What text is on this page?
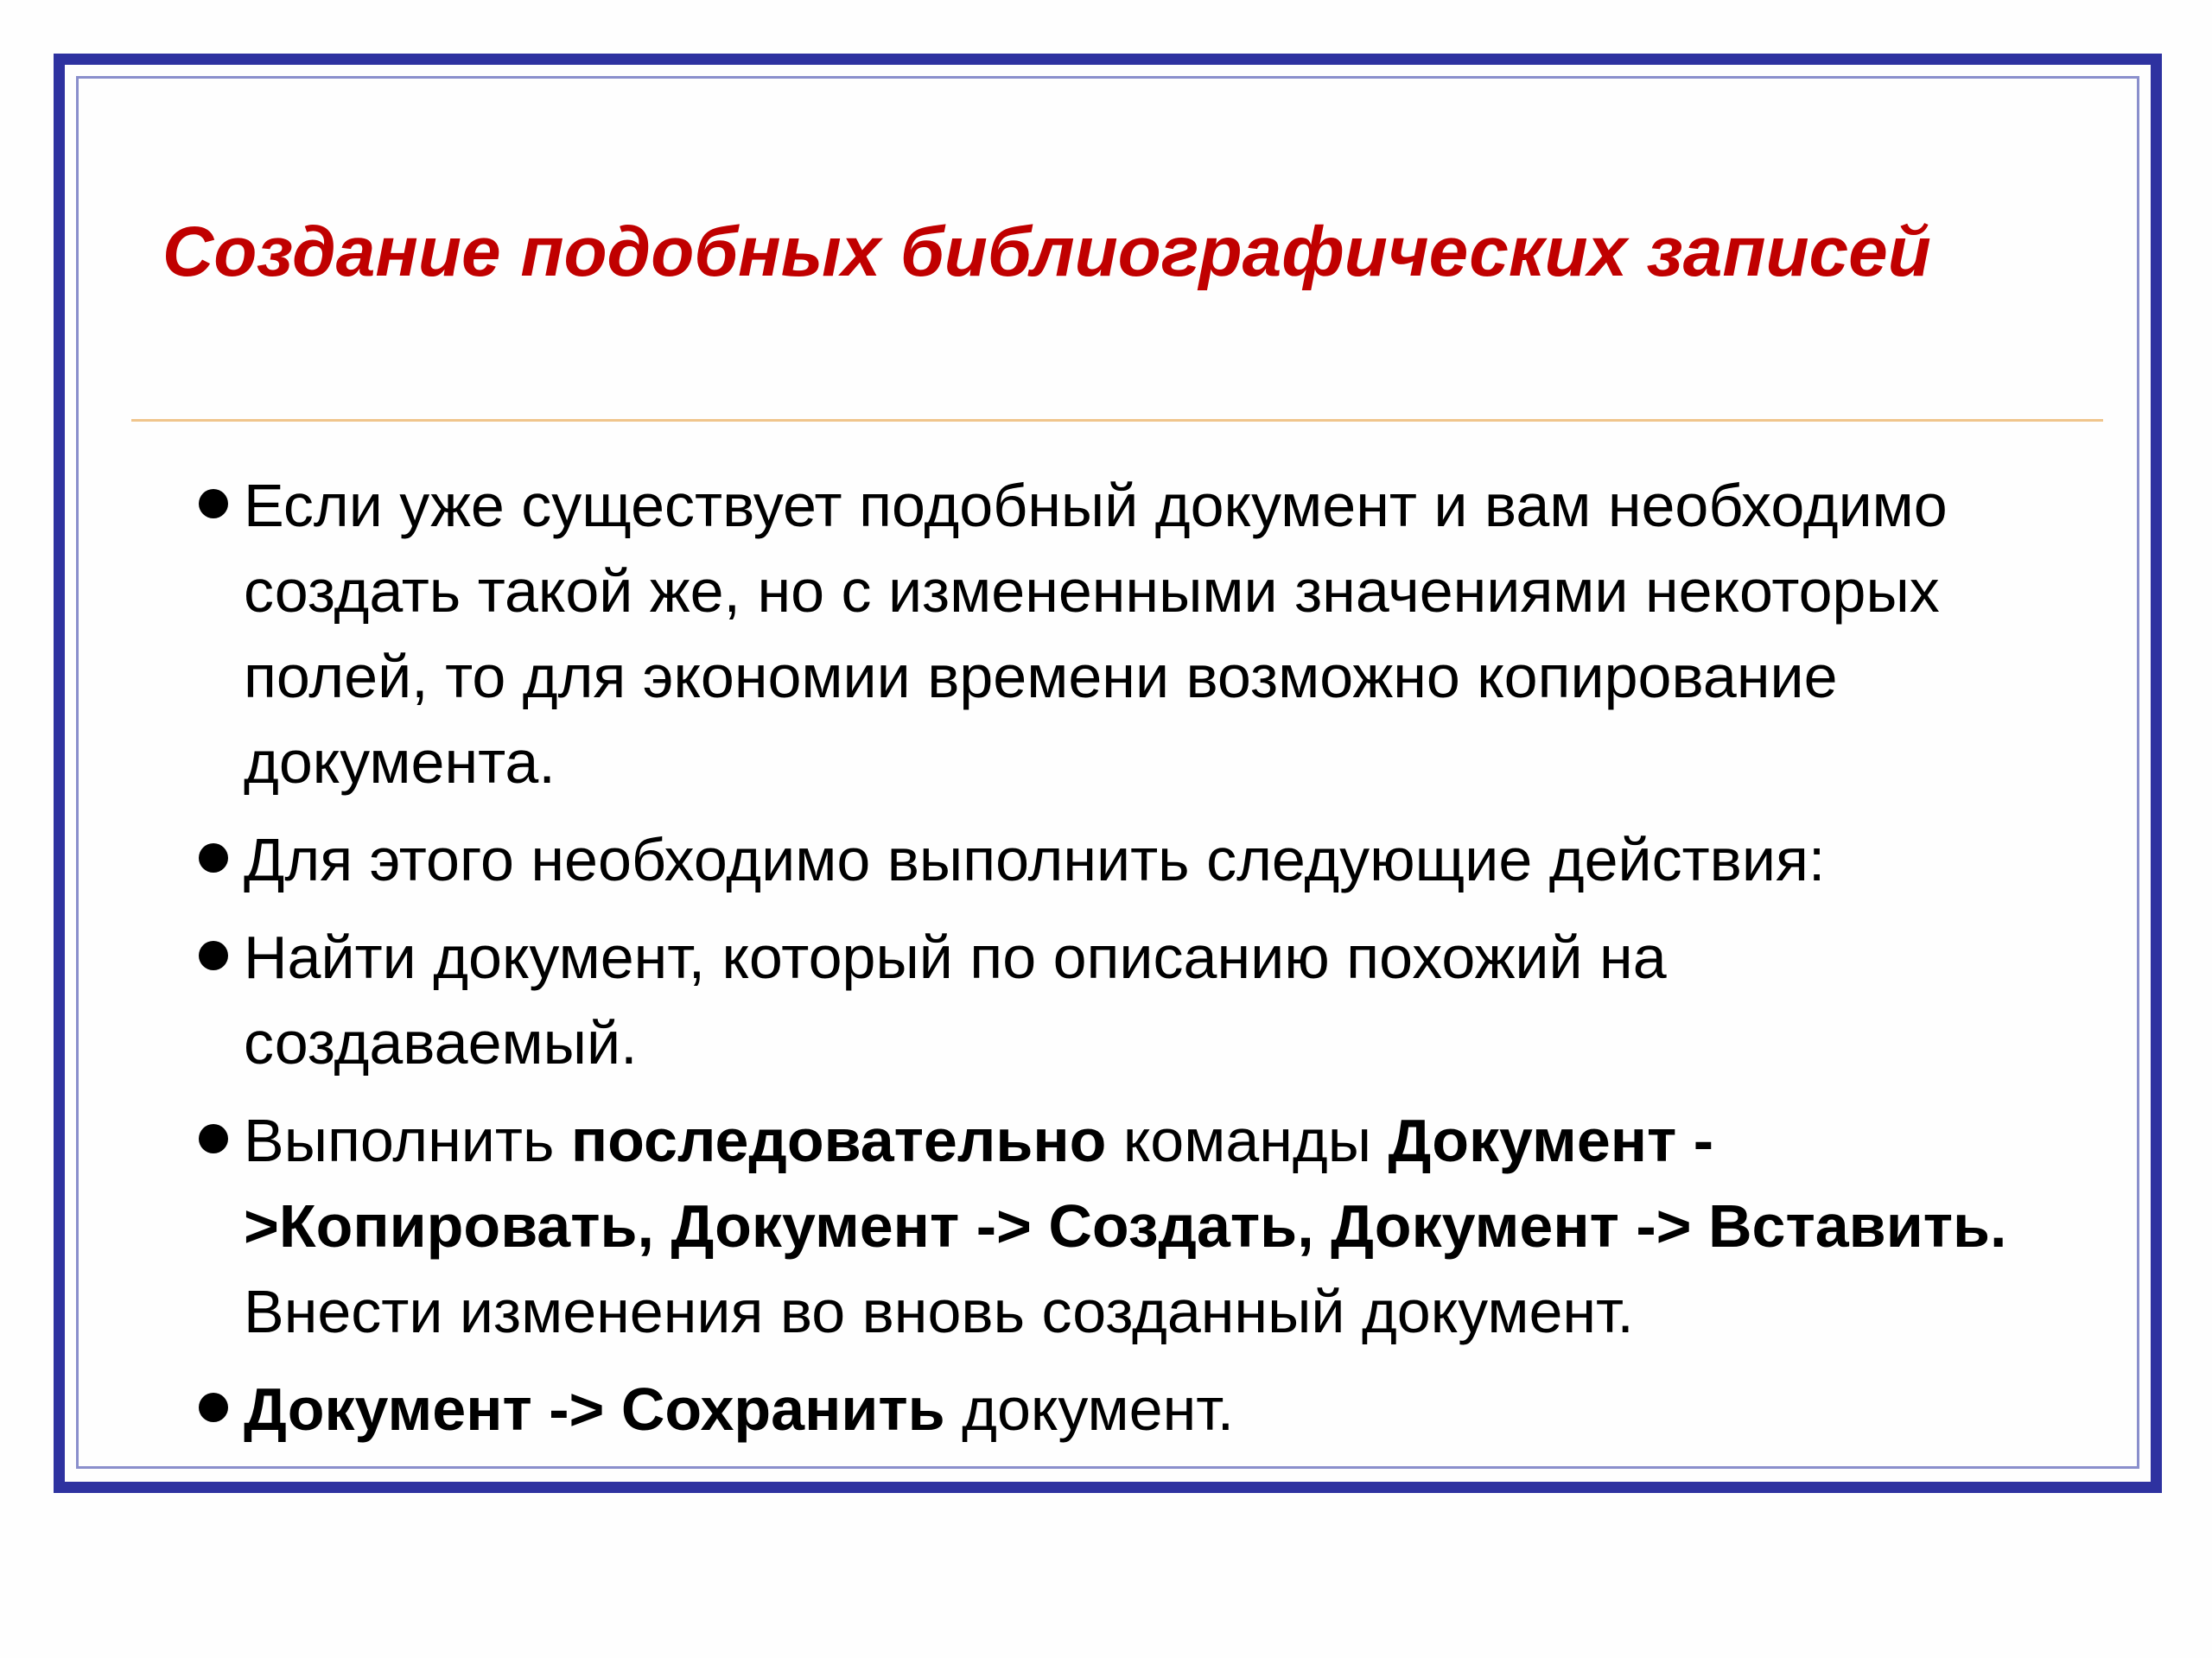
Создание подобных библиографических записей
Если уже существует подобный документ и вам необходимо создать такой же, но с измененными значениями некоторых полей, то для экономии времени возможно копирование документа.
Для этого необходимо выполнить следующие действия:
Найти документ, который по описанию похожий на создаваемый.
Выполнить последовательно команды Документ ->Копировать, Документ -> Создать, Документ -> Вставить. Внести изменения во вновь созданный документ.
Документ -> Сохранить документ.
